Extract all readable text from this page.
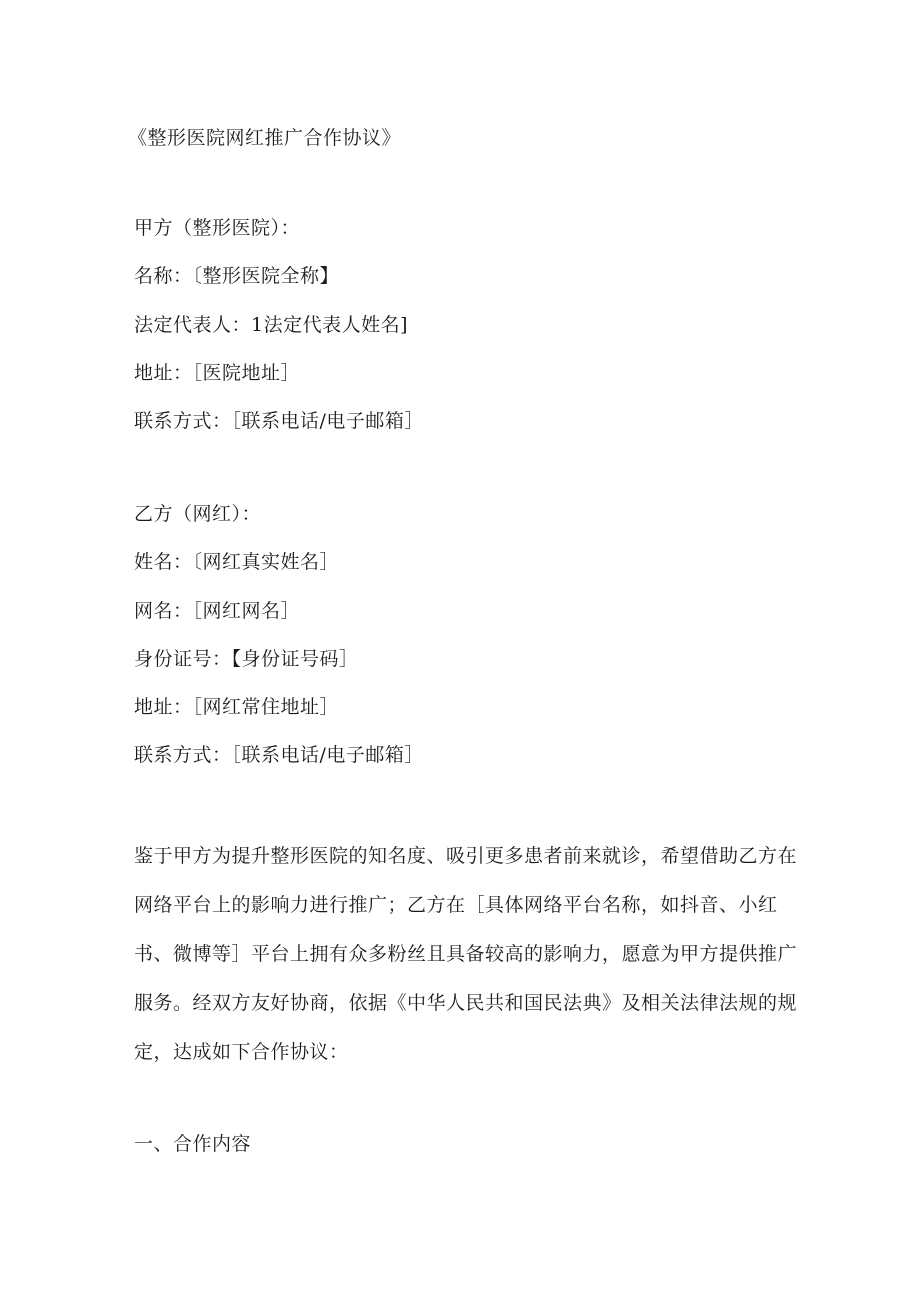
《整形医院网红推广合作协议》
甲方（整形医院）：
名称：〔整形医院全称】
法定代表人：1法定代表人姓名]
地址：［医院地址］
联系方式：［联系电话/电子邮箱］
乙方（网红）：
姓名：〔网红真实姓名］
网名：［网红网名］
身份证号：【身份证号码］
地址：［网红常住地址］
联系方式：［联系电话/电子邮箱］
鉴于甲方为提升整形医院的知名度、吸引更多患者前来就诊，希望借助乙方在
网络平台上的影响力进行推广；乙方在［具体网络平台名称，如抖音、小红
书、微博等］平台上拥有众多粉丝且具备较高的影响力，愿意为甲方提供推广
服务。经双方友好协商，依据《中华人民共和国民法典》及相关法律法规的规
定，达成如下合作协议：
一、合作内容
